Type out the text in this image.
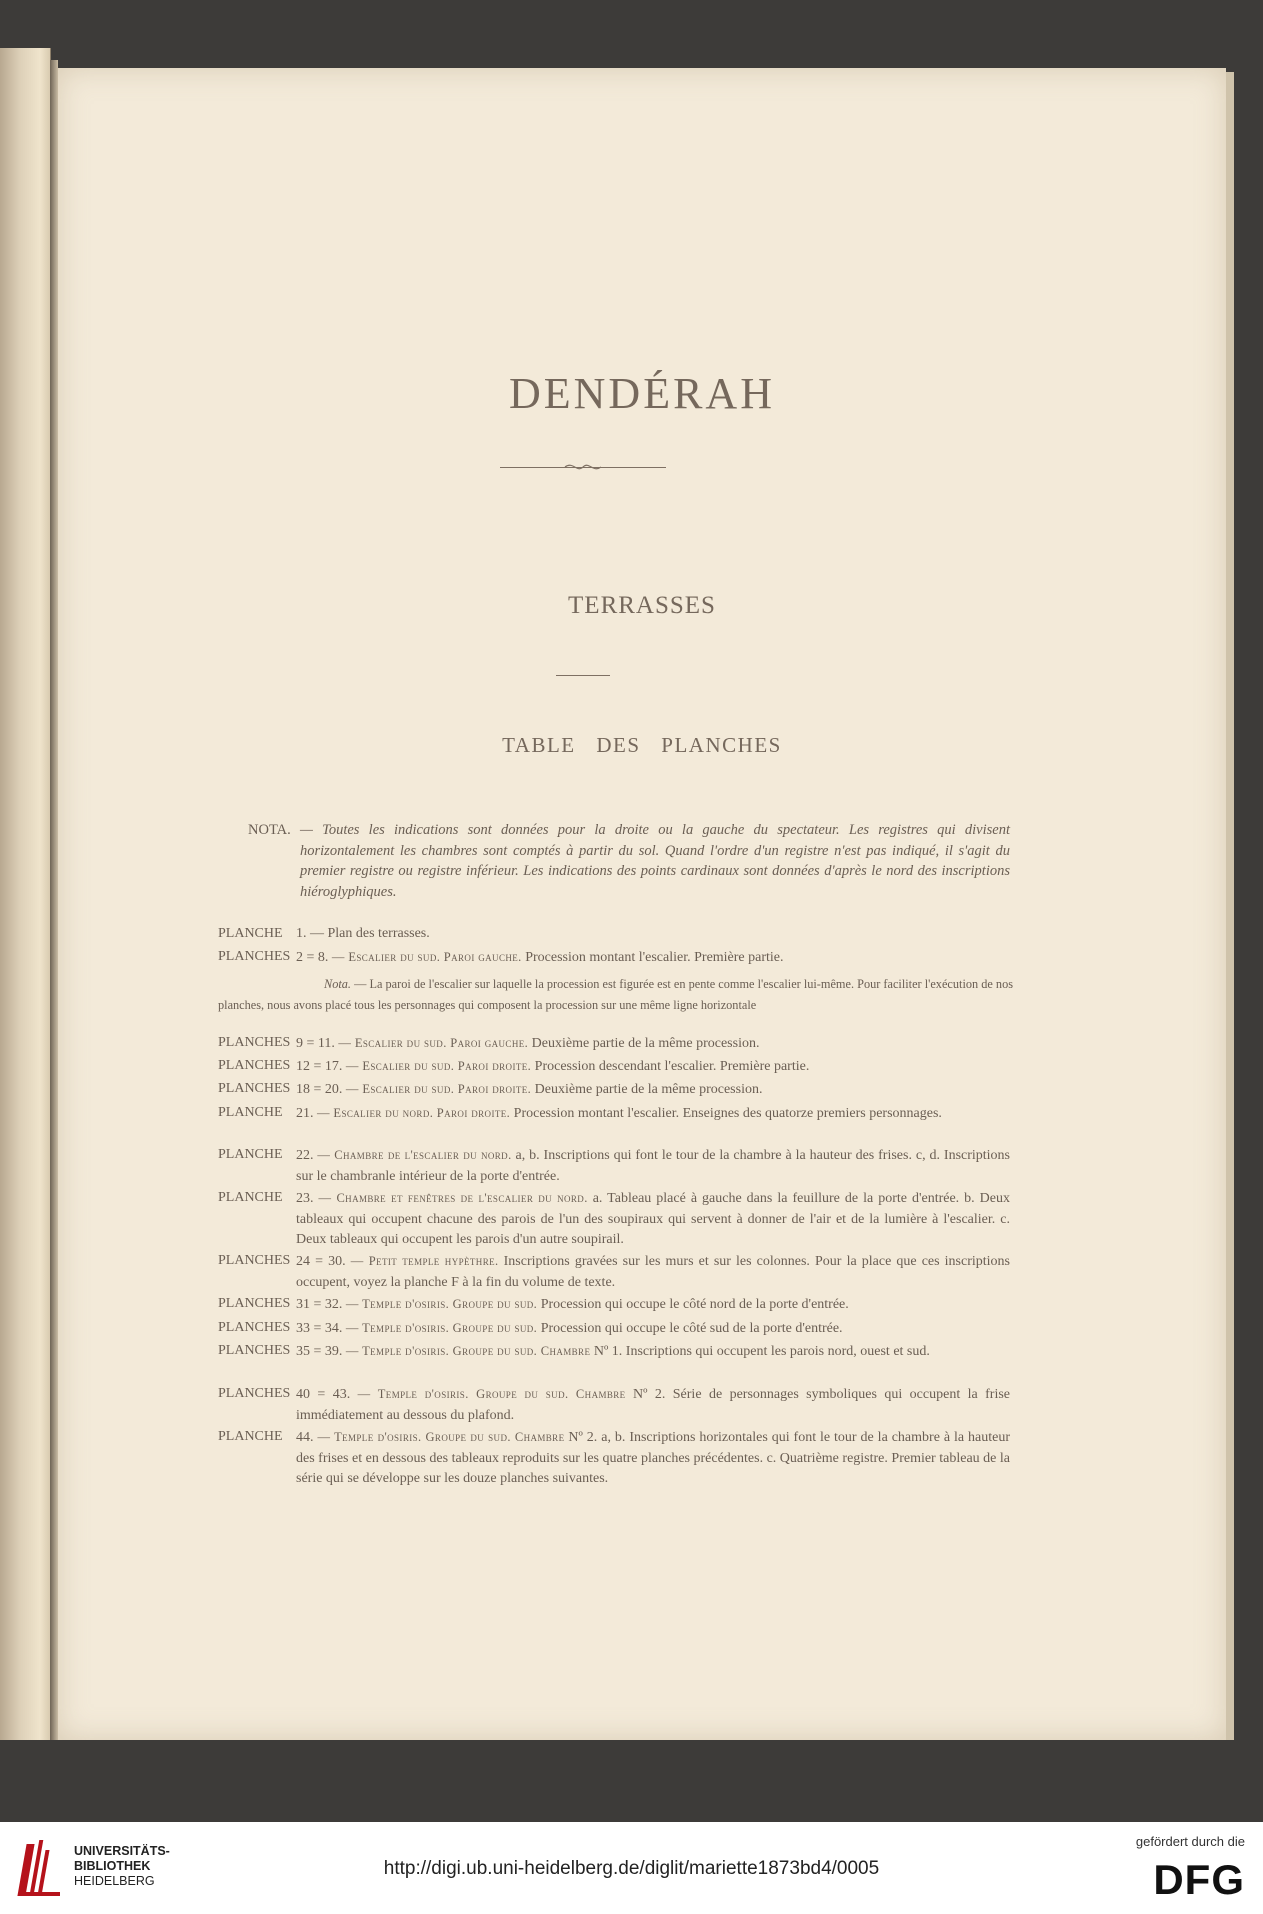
DENDÉRAH
TERRASSES
TABLE DES PLANCHES
NOTA. — Toutes les indications sont données pour la droite ou la gauche du spectateur. Les registres qui divisent horizontalement les chambres sont comptés à partir du sol. Quand l'ordre d'un registre n'est pas indiqué, il s'agit du premier registre ou registre inférieur. Les indications des points cardinaux sont données d'après le nord des inscriptions hiéroglyphiques.
PLANCHE 1. — Plan des terrasses.
PLANCHES 2 = 8. — Escalier du sud. Paroi gauche. Procession montant l'escalier. Première partie.
Nota. — La paroi de l'escalier sur laquelle la procession est figurée est en pente comme l'escalier lui-même. Pour faciliter l'exécution de nos planches, nous avons placé tous les personnages qui composent la procession sur une même ligne horizontale
PLANCHES 9 = 11. — Escalier du sud. Paroi gauche. Deuxième partie de la même procession.
PLANCHES 12 = 17. — Escalier du sud. Paroi droite. Procession descendant l'escalier. Première partie.
PLANCHES 18 = 20. — Escalier du sud. Paroi droite. Deuxième partie de la même procession.
PLANCHE 21. — Escalier du nord. Paroi droite. Procession montant l'escalier. Enseignes des quatorze premiers personnages.
PLANCHE 22. — Chambre de l'escalier du nord. a, b. Inscriptions qui font le tour de la chambre à la hauteur des frises. c, d. Inscriptions sur le chambranle intérieur de la porte d'entrée.
PLANCHE 23. — Chambre et fenêtres de l'escalier du nord. a. Tableau placé à gauche dans la feuillure de la porte d'entrée. b. Deux tableaux qui occupent chacune des parois de l'un des soupiraux qui servent à donner de l'air et de la lumière à l'escalier. c. Deux tableaux qui occupent les parois d'un autre soupirail.
PLANCHES 24 = 30. — Petit temple hypèthre. Inscriptions gravées sur les murs et sur les colonnes. Pour la place que ces inscriptions occupent, voyez la planche F à la fin du volume de texte.
PLANCHES 31 = 32. — Temple d'osiris. Groupe du sud. Procession qui occupe le côté nord de la porte d'entrée.
PLANCHES 33 = 34. — Temple d'osiris. Groupe du sud. Procession qui occupe le côté sud de la porte d'entrée.
PLANCHES 35 = 39. — Temple d'osiris. Groupe du sud. Chambre Nº 1. Inscriptions qui occupent les parois nord, ouest et sud.
PLANCHES 40 = 43. — Temple d'osiris. Groupe du sud. Chambre Nº 2. Série de personnages symboliques qui occupent la frise immédiatement au dessous du plafond.
PLANCHE 44. — Temple d'osiris. Groupe du sud. Chambre Nº 2. a, b. Inscriptions horizontales qui font le tour de la chambre à la hauteur des frises et en dessous des tableaux reproduits sur les quatre planches précédentes. c. Quatrième registre. Premier tableau de la série qui se développe sur les douze planches suivantes.
UNIVERSITÄTS-
BIBLIOTHEK
HEIDELBERG
http://digi.ub.uni-heidelberg.de/diglit/mariette1873bd4/0005
gefördert durch die
DFG
